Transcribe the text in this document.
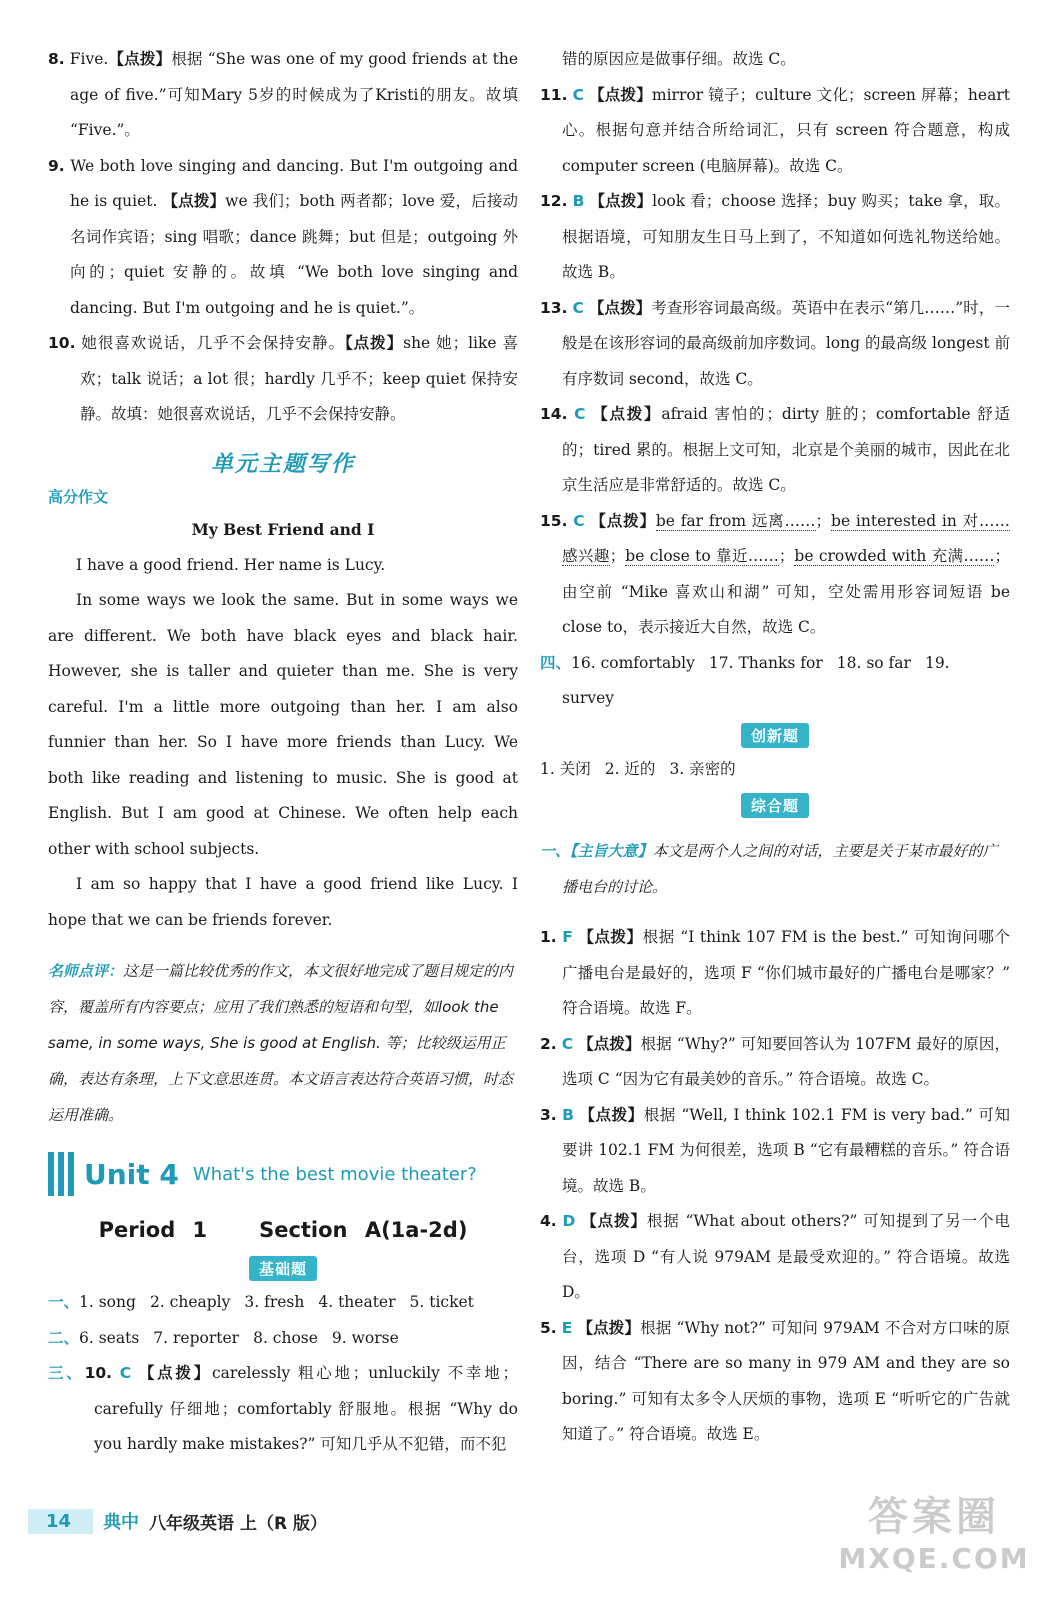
8. Five.【点拨】根据 “She was one of my good friends at the age of five.”可知Mary 5岁的时候成为了Kristi的朋友。故填 “Five.”。

9. We both love singing and dancing. But I'm outgoing and he is quiet. 【点拨】we 我们；both 两者都；love 爱，后接动名词作宾语；sing 唱歌；dance 跳舞；but 但是；outgoing 外向的；quiet 安静的。故填 “We both love singing and dancing. But I'm outgoing and he is quiet.”。

10. 她很喜欢说话，几乎不会保持安静。【点拨】she 她；like 喜欢；talk 说话；a lot 很；hardly 几乎不；keep quiet 保持安静。故填：她很喜欢说话，几乎不会保持安静。

单元主题写作
高分作文
My Best Friend and I

I have a good friend. Her name is Lucy.

In some ways we look the same. But in some ways we are different. We both have black eyes and black hair. However, she is taller and quieter than me. She is very careful. I'm a little more outgoing than her. I am also funnier than her. So I have more friends than Lucy. We both like reading and listening to music. She is good at English. But I am good at Chinese. We often help each other with school subjects.

I am so happy that I have a good friend like Lucy. I hope that we can be friends forever.

名师点评：这是一篇比较优秀的作文，本文很好地完成了题目规定的内容，覆盖所有内容要点；应用了我们熟悉的短语和句型，如look the same, in some ways, She is good at English. 等；比较级运用正确，表达有条理，上下文意思连贯。本文语言表达符合英语习惯，时态运用准确。

Unit 4 What's the best movie theater?
Period 1   Section A(1a-2d)
基础题

一、1. song 2. cheaply 3. fresh 4. theater 5. ticket

二、6. seats 7. reporter 8. chose 9. worse

三、10. C 【点拨】carelessly 粗心地；unluckily 不幸地；carefully 仔细地；comfortably 舒服地。根据 “Why do you hardly make mistakes?” 可知几乎从不犯错，而不犯

错的原因应是做事仔细。故选 C。

11. C 【点拨】mirror 镜子；culture 文化；screen 屏幕；heart 心。根据句意并结合所给词汇，只有 screen 符合题意，构成 computer screen (电脑屏幕)。故选 C。

12. B 【点拨】look 看；choose 选择；buy 购买；take 拿，取。根据语境，可知朋友生日马上到了，不知道如何选礼物送给她。故选 B。

13. C 【点拨】考查形容词最高级。英语中在表示“第几……”时，一般是在该形容词的最高级前加序数词。long 的最高级 longest 前有序数词 second，故选 C。

14. C 【点拨】afraid 害怕的；dirty 脏的；comfortable 舒适的；tired 累的。根据上文可知，北京是个美丽的城市，因此在北京生活应是非常舒适的。故选 C。

15. C 【点拨】be far from 远离……；be interested in 对……感兴趣；be close to 靠近……；be crowded with 充满……；由空前 “Mike 喜欢山和湖” 可知，空处需用形容词短语 be close to，表示接近大自然，故选 C。

四、16. comfortably 17. Thanks for 18. so far 19. survey

创新题

1. 关闭 2. 近的 3. 亲密的

综合题

一、【主旨大意】本文是两个人之间的对话，主要是关于某市最好的广播电台的讨论。

1. F 【点拨】根据 “I think 107 FM is the best.” 可知询问哪个广播电台是最好的，选项 F “你们城市最好的广播电台是哪家？” 符合语境。故选 F。

2. C 【点拨】根据 “Why?” 可知要回答认为 107FM 最好的原因，选项 C “因为它有最美妙的音乐。” 符合语境。故选 C。

3. B 【点拨】根据 “Well, I think 102.1 FM is very bad.” 可知要讲 102.1 FM 为何很差，选项 B “它有最糟糕的音乐。” 符合语境。故选 B。

4. D 【点拨】根据 “What about others?” 可知提到了另一个电台，选项 D “有人说 979AM 是最受欢迎的。” 符合语境。故选 D。

5. E 【点拨】根据 “Why not?” 可知问 979AM 不合对方口味的原因，结合 “There are so many in 979 AM and they are so boring.” 可知有太多令人厌烦的事物，选项 E “听听它的广告就知道了。” 符合语境。故选 E。

14	典中 八年级英语 上（R 版）	答案圈
MXQE.COM
